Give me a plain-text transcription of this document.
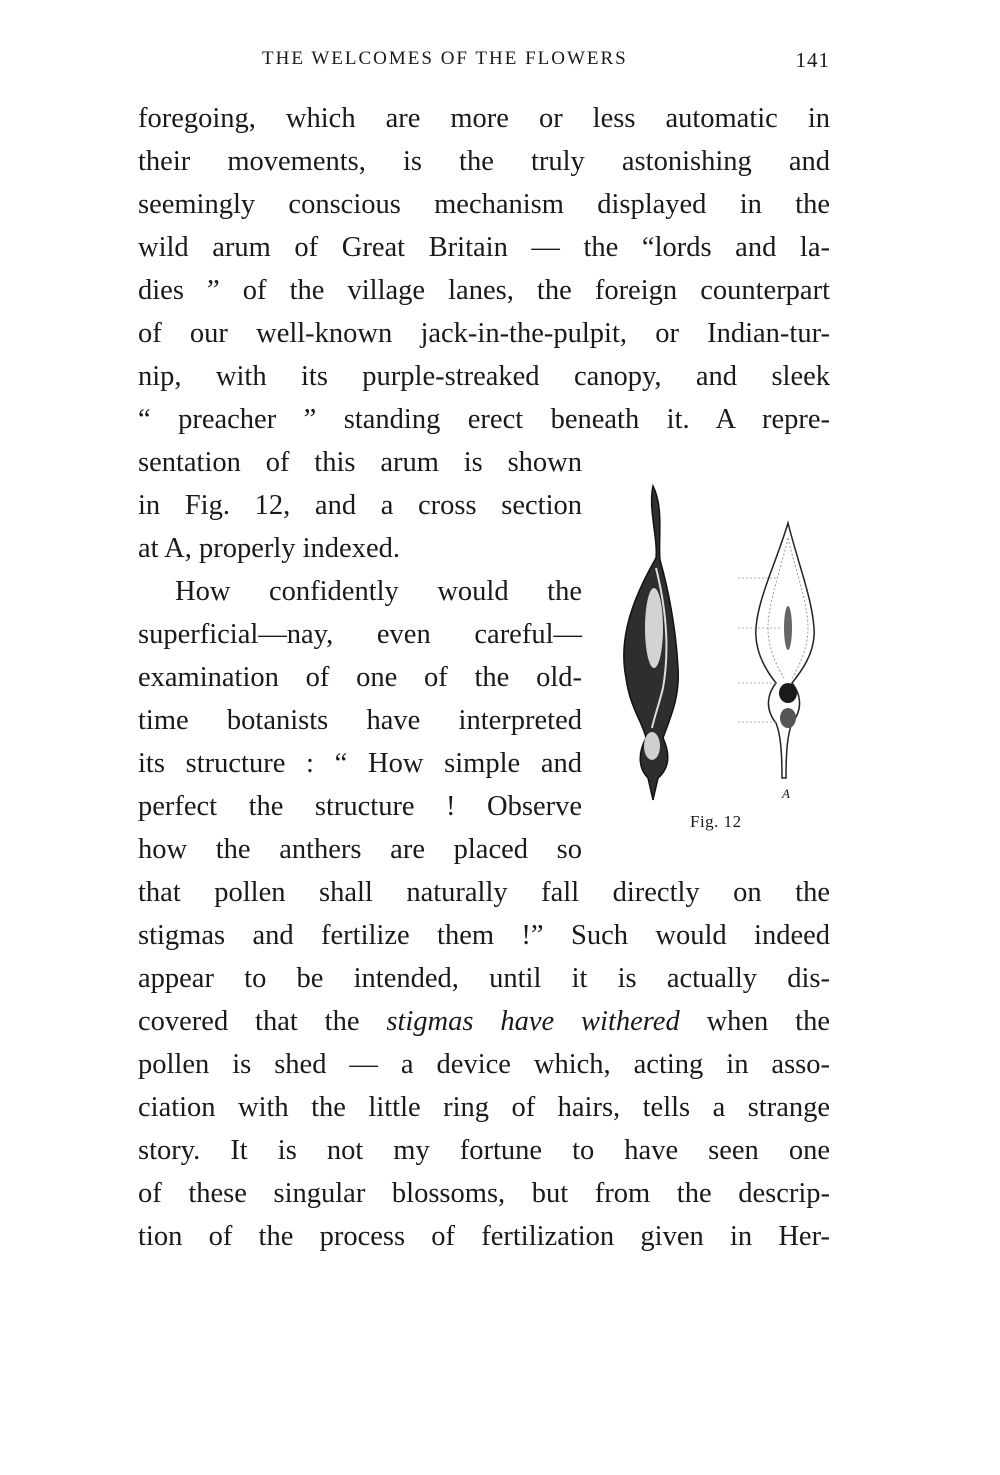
THE WELCOMES OF THE FLOWERS	141
foregoing, which are more or less automatic in
their movements, is the truly astonishing and
seemingly conscious mechanism displayed in the
wild arum of Great Britain — the “lords and la-
dies ” of the village lanes, the foreign counterpart
of our well-known jack-in-the-pulpit, or Indian-tur-
nip, with its purple-streaked canopy, and sleek
“ preacher ” standing erect beneath it. A repre-
sentation of this arum is shown
in Fig. 12, and a cross section
at A, properly indexed.
How confidently would the
superficial—nay, even careful—
examination of one of the old-
time botanists have interpreted
its structure : “ How simple and
perfect the structure ! Observe
how the anthers are placed so
that pollen shall naturally fall directly on the
stigmas and fertilize them !” Such would indeed
appear to be intended, until it is actually dis-
covered that the stigmas have withered when the
pollen is shed — a device which, acting in asso-
ciation with the little ring of hairs, tells a strange
story. It is not my fortune to have seen one
of these singular blossoms, but from the descrip-
tion of the process of fertilization given in Her-
A
Fig. 12
